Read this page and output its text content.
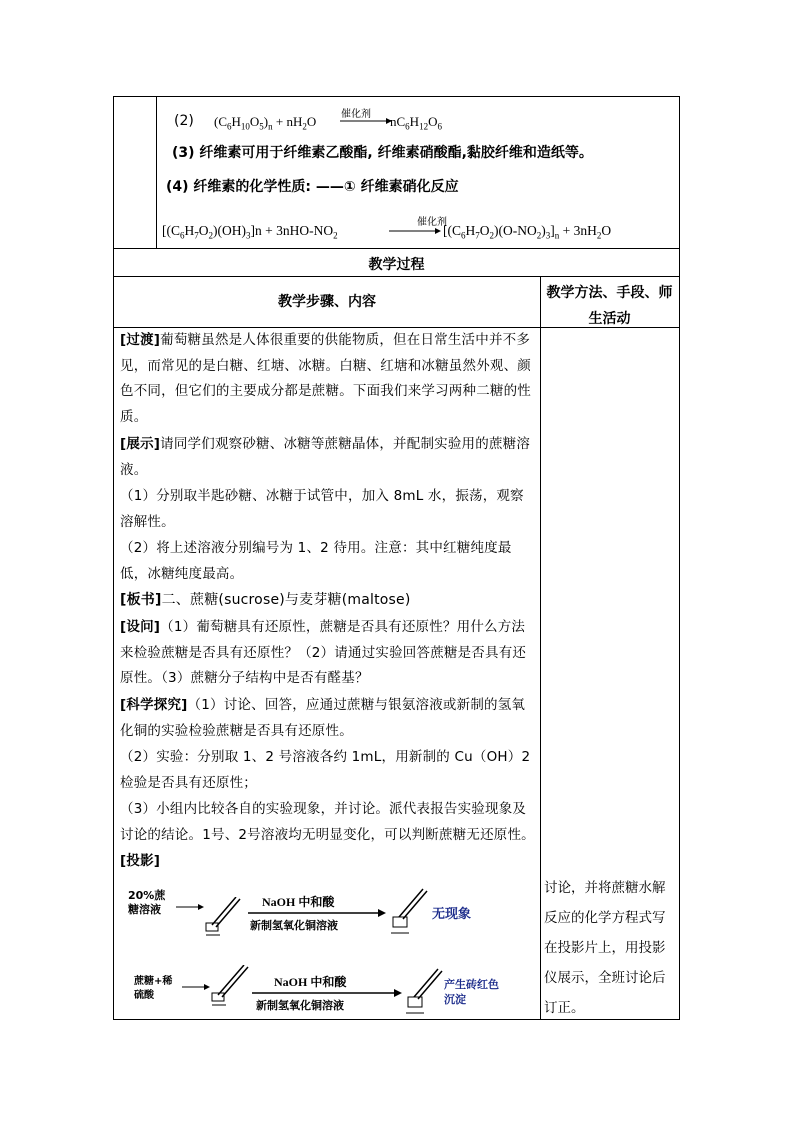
(2) $(C_6H_{10}O_5)_n + nH_2O$ 催化剂 $nC_6H_{12}O_6$
(3) 纤维素可用于纤维素乙酸酯, 纤维素硝酸酯,黏胶纤维和造纸等。
(4) 纤维素的化学性质: ——① 纤维素硝化反应
$[(C_6H_7O_2)(OH)_3]n + 3nHO-NO_2$
催化剂
$[(C_6H_7O_2)(O-NO_2)_3]_n + 3nH_2O$
教学过程
教学步骤、内容
教学方法、手段、师生活动
[过渡]葡萄糖虽然是人体很重要的供能物质，但在日常生活中并不多见，而常见的是白糖、红塘、冰糖。白糖、红塘和冰糖虽然外观、颜色不同，但它们的主要成分都是蔗糖。下面我们来学习两种二糖的性质。
[展示]请同学们观察砂糖、冰糖等蔗糖晶体，并配制实验用的蔗糖溶液。
（1）分别取半匙砂糖、冰糖于试管中，加入 8mL 水，振荡，观察溶解性。
（2）将上述溶液分别编号为 1、2 待用。注意：其中红糖纯度最低，冰糖纯度最高。
[板书]二、蔗糖(sucrose)与麦芽糖(maltose)
[设问]（1）葡萄糖具有还原性，蔗糖是否具有还原性？用什么方法来检验蔗糖是否具有还原性？（2）请通过实验回答蔗糖是否具有还原性。（3）蔗糖分子结构中是否有醛基？
[科学探究]（1）讨论、回答，应通过蔗糖与银氨溶液或新制的氢氧化铜的实验检验蔗糖是否具有还原性。
（2）实验：分别取 1、2 号溶液各约 1mL，用新制的 Cu（OH）2 检验是否具有还原性；
（3）小组内比较各自的实验现象，并讨论。派代表报告实验现象及讨论的结论。1号、2号溶液均无明显变化，可以判断蔗糖无还原性。
[投影]
20%蔗糖溶液
NaOH 中和酸
新制氢氧化铜溶液
无现象
蔗糖+稀硫酸
NaOH 中和酸
新制氢氧化铜溶液
产生砖红色沉淀
讨论，并将蔗糖水解反应的化学方程式写在投影片上，用投影仪展示，全班讨论后订正。
